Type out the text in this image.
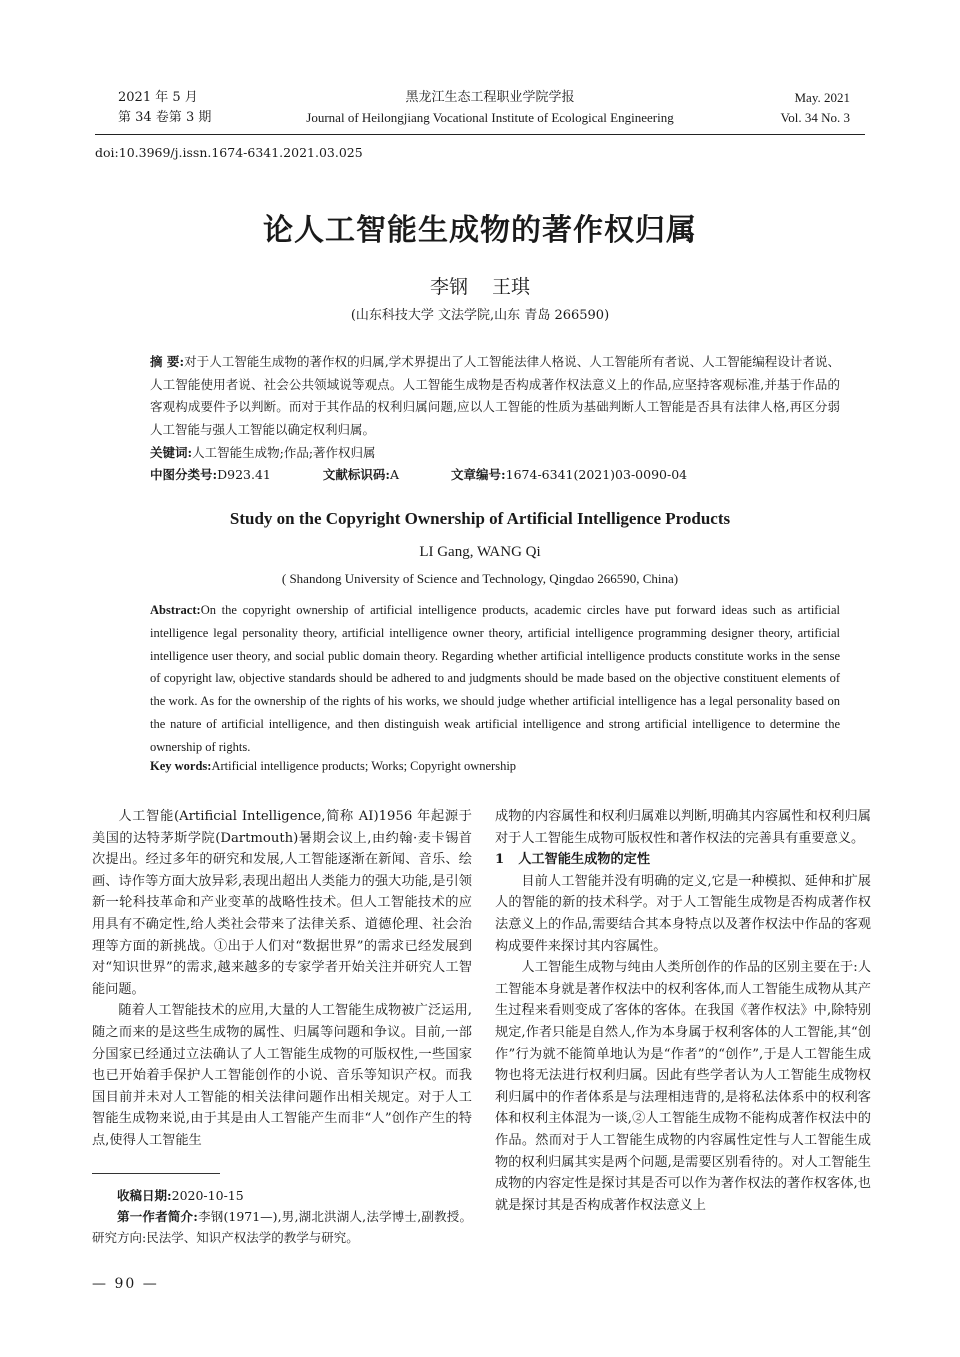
2021 年 5 月
第 34 卷第 3 期
黑龙江生态工程职业学院学报
Journal of Heilongjiang Vocational Institute of Ecological Engineering
May. 2021
Vol. 34 No. 3
doi:10.3969/j.issn.1674-6341.2021.03.025
论人工智能生成物的著作权归属
李钢 王琪
(山东科技大学 文法学院,山东 青岛 266590)
摘 要:对于人工智能生成物的著作权的归属,学术界提出了人工智能法律人格说、人工智能所有者说、人工智能编程设计者说、人工智能使用者说、社会公共领域说等观点。人工智能生成物是否构成著作权法意义上的作品,应坚持客观标准,并基于作品的客观构成要件予以判断。而对于其作品的权利归属问题,应以人工智能的性质为基础判断人工智能是否具有法律人格,再区分弱人工智能与强人工智能以确定权利归属。
关键词:人工智能生成物;作品;著作权归属
中图分类号:D923.41	文献标识码:A	文章编号:1674-6341(2021)03-0090-04
Study on the Copyright Ownership of Artificial Intelligence Products
LI Gang, WANG Qi
( Shandong University of Science and Technology, Qingdao 266590, China)
Abstract:On the copyright ownership of artificial intelligence products, academic circles have put forward ideas such as artificial intelligence legal personality theory, artificial intelligence owner theory, artificial intelligence programming designer theory, artificial intelligence user theory, and social public domain theory. Regarding whether artificial intelligence products constitute works in the sense of copyright law, objective standards should be adhered to and judgments should be made based on the objective constituent elements of the work. As for the ownership of the rights of his works, we should judge whether artificial intelligence has a legal personality based on the nature of artificial intelligence, and then distinguish weak artificial intelligence and strong artificial intelligence to determine the ownership of rights.
Key words:Artificial intelligence products; Works; Copyright ownership

人工智能(Artificial Intelligence,简称 AI)1956 年起源于美国的达特茅斯学院(Dartmouth)暑期会议上,由约翰·麦卡锡首次提出。经过多年的研究和发展,人工智能逐渐在新闻、音乐、绘画、诗作等方面大放异彩,表现出超出人类能力的强大功能,是引领新一轮科技革命和产业变革的战略性技术。但人工智能技术的应用具有不确定性,给人类社会带来了法律关系、道德伦理、社会治理等方面的新挑战。①出于人们对“数据世界”的需求已经发展到对“知识世界”的需求,越来越多的专家学者开始关注并研究人工智能问题。

随着人工智能技术的应用,大量的人工智能生成物被广泛运用,随之而来的是这些生成物的属性、归属等问题和争议。目前,一部分国家已经通过立法确认了人工智能生成物的可版权性,一些国家也已开始着手保护人工智能创作的小说、音乐等知识产权。而我国目前并未对人工智能的相关法律问题作出相关规定。对于人工智能生成物来说,由于其是由人工智能产生而非“人”创作产生的特点,使得人工智能生

成物的内容属性和权利归属难以判断,明确其内容属性和权利归属对于人工智能生成物可版权性和著作权法的完善具有重要意义。

1 人工智能生成物的定性

目前人工智能并没有明确的定义,它是一种模拟、延伸和扩展人的智能的新的技术科学。对于人工智能生成物是否构成著作权法意义上的作品,需要结合其本身特点以及著作权法中作品的客观构成要件来探讨其内容属性。

人工智能生成物与纯由人类所创作的作品的区别主要在于:人工智能本身就是著作权法中的权利客体,而人工智能生成物从其产生过程来看则变成了客体的客体。在我国《著作权法》中,除特别规定,作者只能是自然人,作为本身属于权利客体的人工智能,其“创作”行为就不能简单地认为是“作者”的“创作”,于是人工智能生成物也将无法进行权利归属。因此有些学者认为人工智能生成物权利归属中的作者体系是与法理相违背的,是将私法体系中的权利客体和权利主体混为一谈,②人工智能生成物不能构成著作权法中的作品。然而对于人工智能生成物的内容属性定性与人工智能生成物的权利归属其实是两个问题,是需要区别看待的。对人工智能生成物的内容定性是探讨其是否可以作为著作权法的著作权客体,也就是探讨其是否构成著作权法意义上

收稿日期:2020-10-15

第一作者简介:李钢(1971—),男,湖北洪湖人,法学博士,副教授。研究方向:民法学、知识产权法学的教学与研究。

— 90 —
